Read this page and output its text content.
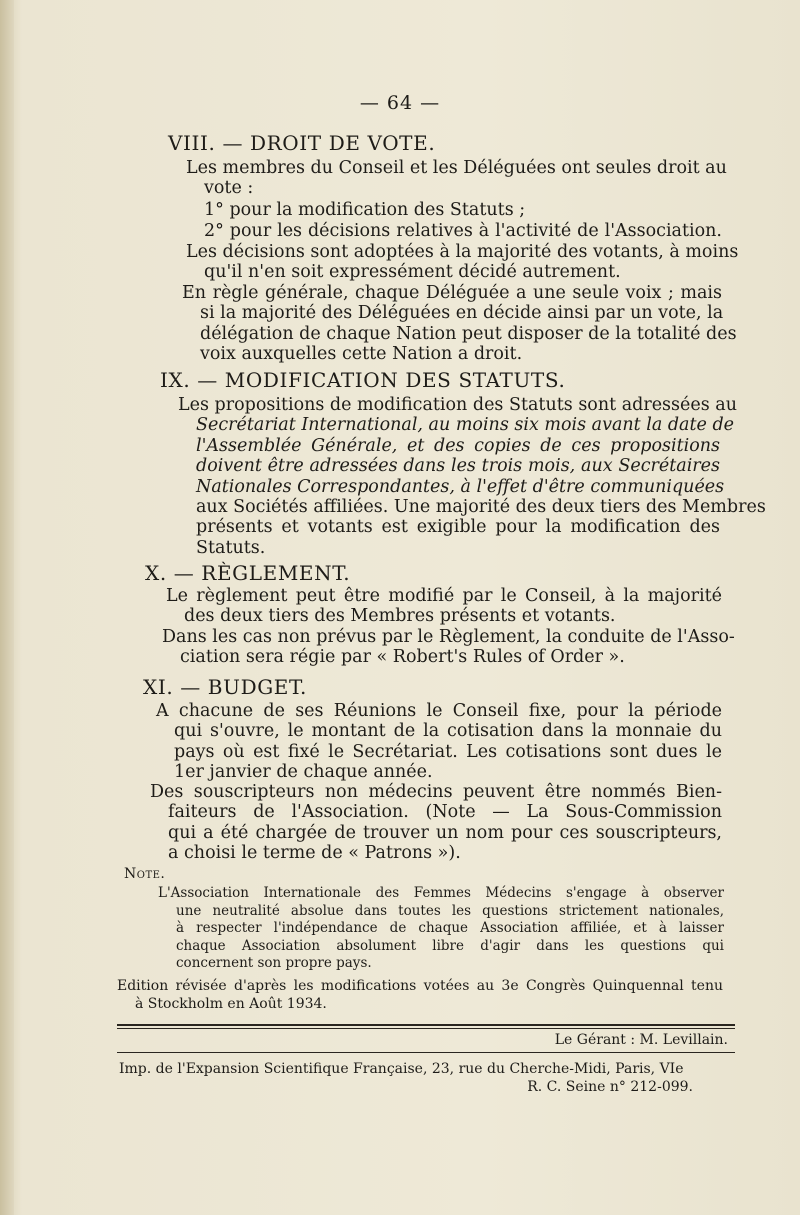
— 64 —
VIII. — DROIT DE VOTE.
Les membres du Conseil et les Déléguées ont seules droit au
vote :
1° pour la modification des Statuts ;
2° pour les décisions relatives à l'activité de l'Association.
Les décisions sont adoptées à la majorité des votants, à moins
qu'il n'en soit expressément décidé autrement.
En règle générale, chaque Déléguée a une seule voix ; mais
si la majorité des Déléguées en décide ainsi par un vote, la
délégation de chaque Nation peut disposer de la totalité des
voix auxquelles cette Nation a droit.
IX. — MODIFICATION DES STATUTS.
Les propositions de modification des Statuts sont adressées au
Secrétariat International, au moins six mois avant la date de
l'Assemblée Générale, et des copies de ces propositions
doivent être adressées dans les trois mois, aux Secrétaires
Nationales Correspondantes, à l'effet d'être communiquées
aux Sociétés affiliées. Une majorité des deux tiers des Membres
présents et votants est exigible pour la modification des
Statuts.
X. — RÈGLEMENT.
Le règlement peut être modifié par le Conseil, à la majorité
des deux tiers des Membres présents et votants.
Dans les cas non prévus par le Règlement, la conduite de l'Asso-
ciation sera régie par « Robert's Rules of Order ».
XI. — BUDGET.
A chacune de ses Réunions le Conseil fixe, pour la période
qui s'ouvre, le montant de la cotisation dans la monnaie du
pays où est fixé le Secrétariat. Les cotisations sont dues le
1er janvier de chaque année.
Des souscripteurs non médecins peuvent être nommés Bien-
faiteurs de l'Association. (Note — La Sous-Commission
qui a été chargée de trouver un nom pour ces souscripteurs,
a choisi le terme de « Patrons »).
Note.
L'Association Internationale des Femmes Médecins s'engage à observer
une neutralité absolue dans toutes les questions strictement nationales,
à respecter l'indépendance de chaque Association affiliée, et à laisser
chaque Association absolument libre d'agir dans les questions qui
concernent son propre pays.
Edition révisée d'après les modifications votées au 3e Congrès Quinquennal tenu
à Stockholm en Août 1934.
Le Gérant : M. Levillain.
Imp. de l'Expansion Scientifique Française, 23, rue du Cherche-Midi, Paris, VIe
R. C. Seine n° 212-099.
